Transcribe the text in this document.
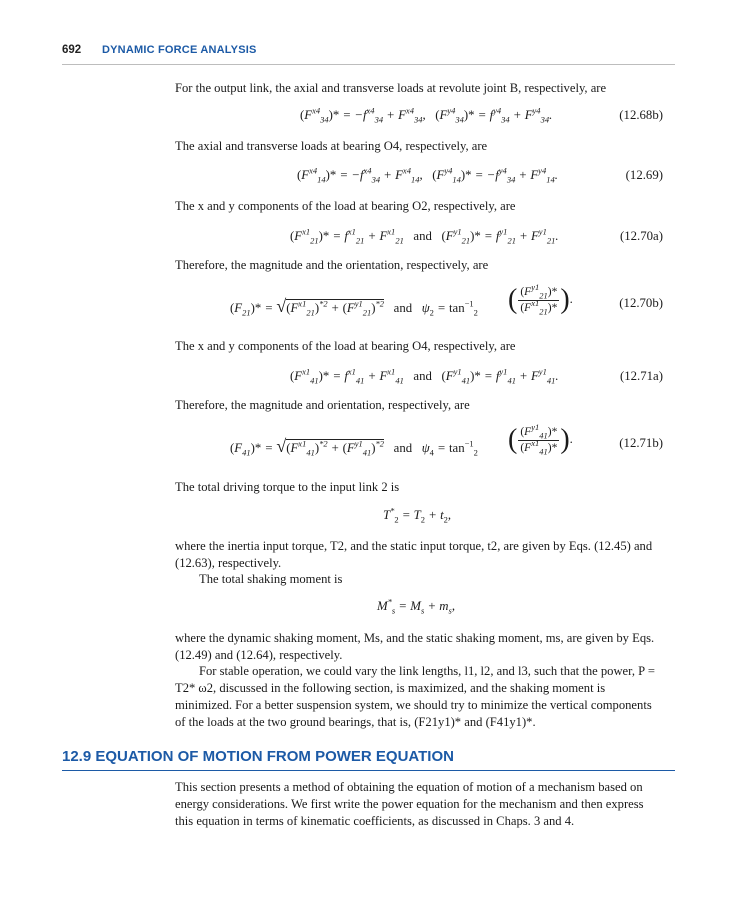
692 DYNAMIC FORCE ANALYSIS

For the output link, the axial and transverse loads at revolute joint B, respectively, are

$(F^{x4}_{34})* = -f^{x4}_{34} + F^{x4}_{34}$,   $(F^{y4}_{34})* = f^{y4}_{34} + F^{y4}_{34}$.	(12.68b)

The axial and transverse loads at bearing O4, respectively, are

$(F^{x4}_{14})* = -f^{x4}_{34} + F^{x4}_{14}$,   $(F^{y4}_{14})* = -f^{y4}_{34} + F^{y4}_{14}$.	(12.69)

The x and y components of the load at bearing O2, respectively, are

$(F^{x1}_{21})* = f^{x1}_{21} + F^{x1}_{21}$ and $(F^{y1}_{21})* = f^{y1}_{21} + F^{y1}_{21}$.	(12.70a)

Therefore, the magnitude and the orientation, respectively, are

$(F_{21})* = √(F^{x1}_{21})^{*2} + (F^{y1}_{21})^{*2}$ and   $\psi_2 = \tan^{-1}_2$ ( $\frac{(F^{y1}_{21})*}{(F^{x1}_{21})*}$ ).	(12.70b)

The x and y components of the load at bearing O4, respectively, are

$(F^{x1}_{41})* = f^{x1}_{41} + F^{x1}_{41}$ and $(F^{y1}_{41})* = f^{y1}_{41} + F^{y1}_{41}$.	(12.71a)

Therefore, the magnitude and orientation, respectively, are

$(F_{41})* = √(F^{x1}_{41})^{*2} + (F^{y1}_{41})^{*2}$ and   $\psi_4 = \tan^{-1}_2$ ( $\frac{(F^{y1}_{41})*}{(F^{x1}_{41})*}$ ).	(12.71b)

The total driving torque to the input link 2 is

$T^*_2 = T_2 + t_2$,

where the inertia input torque, T2, and the static input torque, t2, are given by Eqs. (12.45) and (12.63), respectively.

The total shaking moment is

$M^*_s = M_s + m_s$,

where the dynamic shaking moment, Ms, and the static shaking moment, ms, are given by Eqs. (12.49) and (12.64), respectively.

For stable operation, we could vary the link lengths, l1, l2, and l3, such that the power, P = T2* ω2, discussed in the following section, is maximized, and the shaking moment is minimized. For a better suspension system, we should try to minimize the vertical components of the loads at the two ground bearings, that is, (F21y1)* and (F41y1)*.

12.9 EQUATION OF MOTION FROM POWER EQUATION

This section presents a method of obtaining the equation of motion of a mechanism based on energy considerations. We first write the power equation for the mechanism and then express this equation in terms of kinematic coefficients, as discussed in Chaps. 3 and 4.
